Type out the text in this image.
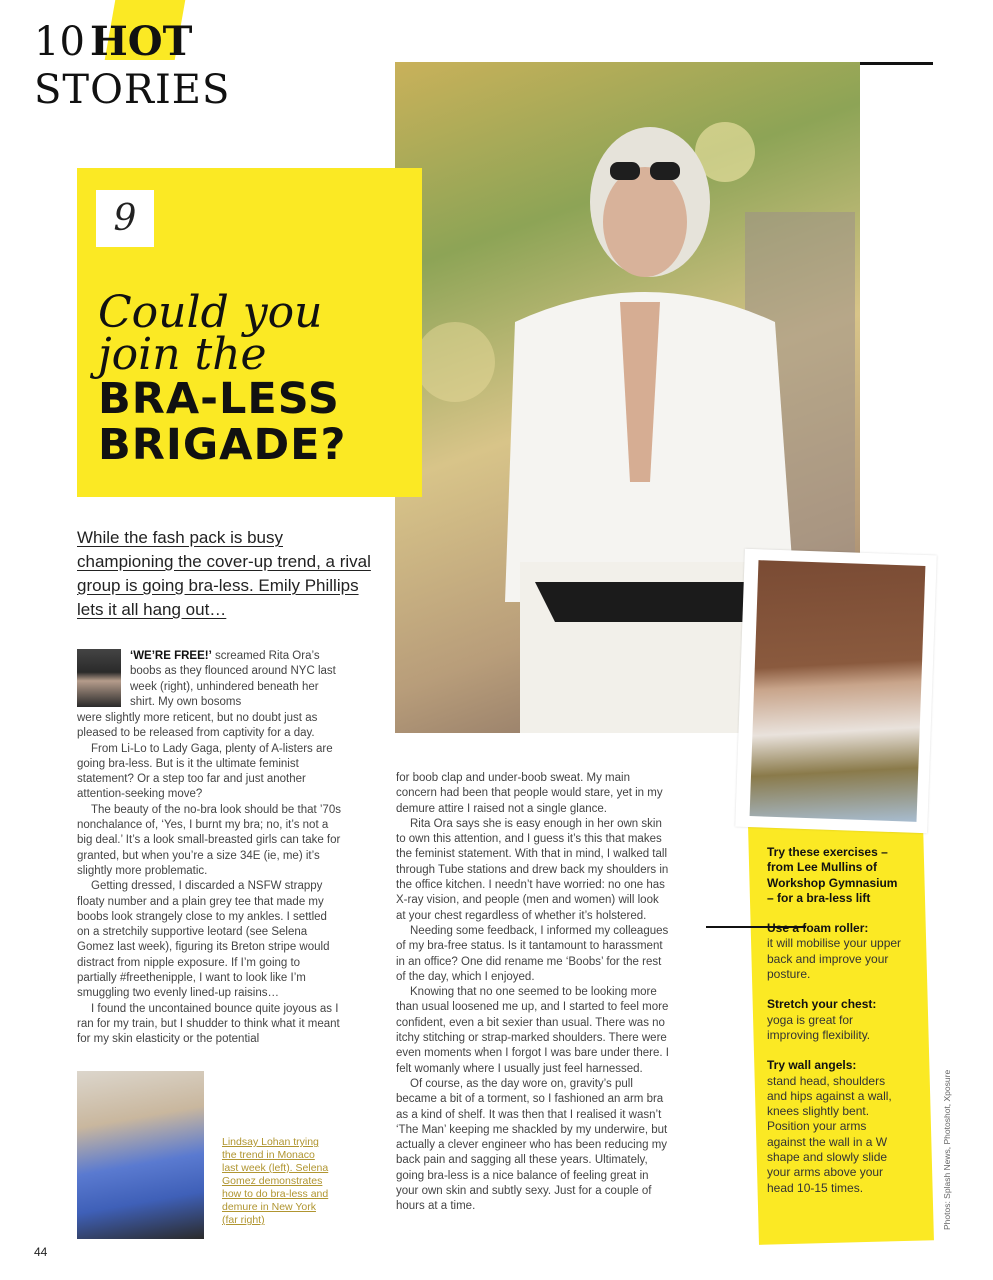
10 HOT
STORIES
9
Could you
join the
BRA-LESS
BRIGADE?
While the fash pack is busy championing the cover-up trend, a rival group is going bra-less. Emily Phillips lets it all hang out…
‘WE’RE FREE!’ screamed Rita Ora’s boobs as they flounced around NYC last week (right), unhindered beneath her shirt. My own bosoms

were slightly more reticent, but no doubt just as pleased to be released from captivity for a day.

From Li-Lo to Lady Gaga, plenty of A-listers are going bra-less. But is it the ultimate feminist statement? Or a step too far and just another attention-seeking move?

The beauty of the no-bra look should be that ’70s nonchalance of, ‘Yes, I burnt my bra; no, it’s not a big deal.’ It’s a look small-breasted girls can take for granted, but when you’re a size 34E (ie, me) it’s slightly more problematic.

Getting dressed, I discarded a NSFW strappy floaty number and a plain grey tee that made my boobs look strangely close to my ankles. I settled on a stretchily supportive leotard (see Selena Gomez last week), figuring its Breton stripe would distract from nipple exposure. If I’m going to partially #freethenipple, I want to look like I’m smuggling two evenly lined-up raisins…

I found the uncontained bounce quite joyous as I ran for my train, but I shudder to think what it meant for my skin elasticity or the potential

for boob clap and under-boob sweat. My main concern had been that people would stare, yet in my demure attire I raised not a single glance.

Rita Ora says she is easy enough in her own skin to own this attention, and I guess it’s this that makes the feminist statement. With that in mind, I walked tall through Tube stations and drew back my shoulders in the office kitchen. I needn’t have worried: no one has X-ray vision, and people (men and women) will look at your chest regardless of whether it’s holstered.

Needing some feedback, I informed my colleagues of my bra-free status. Is it tantamount to harassment in an office? One did rename me ‘Boobs’ for the rest of the day, which I enjoyed.

Knowing that no one seemed to be looking more than usual loosened me up, and I started to feel more confident, even a bit sexier than usual. There was no itchy stitching or strap-marked shoulders. There were even moments when I forgot I was bare under there. I felt womanly where I usually just feel harnessed.

Of course, as the day wore on, gravity’s pull became a bit of a torment, so I fashioned an arm bra as a kind of shelf. It was then that I realised it wasn’t ‘The Man’ keeping me shackled by my underwire, but actually a clever engineer who has been reducing my back pain and sagging all these years. Ultimately, going bra-less is a nice balance of feeling great in your own skin and subtly sexy. Just for a couple of hours at a time.

Lindsay Lohan trying the trend in Monaco last week (left). Selena Gomez demonstrates how to do bra-less and demure in New York (far right)
Try these exercises – from Lee Mullins of Workshop Gymnasium – for a bra-less lift
Use a foam roller:
it will mobilise your upper back and improve your posture.
Stretch your chest:
yoga is great for improving flexibility.
Try wall angels:
stand head, shoulders and hips against a wall, knees slightly bent. Position your arms against the wall in a W shape and slowly slide your arms above your head 10-15 times.	Photos: Splash News, Photoshot, Xposure
44
